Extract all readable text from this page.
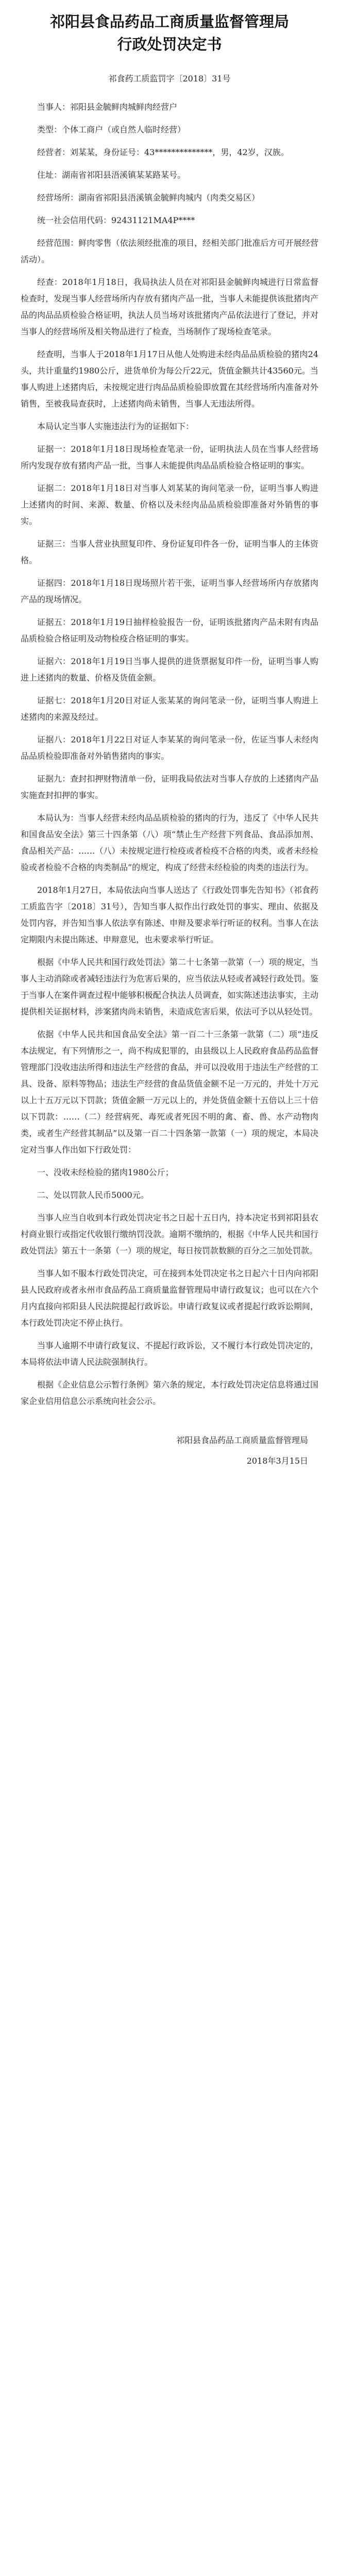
祁阳县食品药品工商质量监督管理局
行政处罚决定书
祁食药工质监罚字〔2018〕31号

当事人：祁阳县金毓鲜肉城鲜肉经营户

类型：个体工商户（或自然人临时经营）

经营者：刘某某，身份证号：43**************，男，42岁，汉族。

住址：湖南省祁阳县浯溪镇某某路某号。

经营场所：湖南省祁阳县浯溪镇金毓鲜肉城内（肉类交易区）

统一社会信用代码：92431121MA4P****

经营范围：鲜肉零售（依法须经批准的项目，经相关部门批准后方可开展经营活动）。

经查：2018年1月18日，我局执法人员在对祁阳县金毓鲜肉城进行日常监督检查时，发现当事人经营场所内存放有猪肉产品一批，当事人未能提供该批猪肉产品的肉品品质检验合格证明，执法人员当场对该批猪肉产品依法进行了登记，并对当事人的经营场所及相关物品进行了检查，当场制作了现场检查笔录。

经查明，当事人于2018年1月17日从他人处购进未经肉品品质检验的猪肉24头，共计重量约1980公斤，进货单价为每公斤22元，货值金额共计43560元。当事人购进上述猪肉后，未按规定进行肉品品质检验即放置在其经营场所内准备对外销售，至被我局查获时，上述猪肉尚未销售，当事人无违法所得。

本局认定当事人实施违法行为的证据如下：

证据一：2018年1月18日现场检查笔录一份，证明执法人员在当事人经营场所内发现存放有猪肉产品一批，当事人未能提供肉品品质检验合格证明的事实。

证据二：2018年1月18日对当事人刘某某的询问笔录一份，证明当事人购进上述猪肉的时间、来源、数量、价格以及未经肉品品质检验即准备对外销售的事实。

证据三：当事人营业执照复印件、身份证复印件各一份，证明当事人的主体资格。

证据四：2018年1月18日现场照片若干张，证明当事人经营场所内存放猪肉产品的现场情况。

证据五：2018年1月19日抽样检验报告一份，证明该批猪肉产品未附有肉品品质检验合格证明及动物检疫合格证明的事实。

证据六：2018年1月19日当事人提供的进货票据复印件一份，证明当事人购进上述猪肉的数量、价格及货值金额。

证据七：2018年1月20日对证人张某某的询问笔录一份，证明当事人购进上述猪肉的来源及经过。

证据八：2018年1月22日对证人李某某的询问笔录一份，佐证当事人未经肉品品质检验即准备对外销售猪肉的事实。

证据九：查封扣押财物清单一份，证明我局依法对当事人存放的上述猪肉产品实施查封扣押的事实。

本局认为：当事人经营未经肉品品质检验的猪肉的行为，违反了《中华人民共和国食品安全法》第三十四条第（八）项“禁止生产经营下列食品、食品添加剂、食品相关产品：……（八）未按规定进行检疫或者检疫不合格的肉类，或者未经检验或者检验不合格的肉类制品”的规定，构成了经营未经检验的肉类的违法行为。

2018年1月27日，本局依法向当事人送达了《行政处罚事先告知书》（祁食药工质监告字〔2018〕31号），告知当事人拟作出行政处罚的事实、理由、依据及处罚内容，并告知当事人依法享有陈述、申辩及要求举行听证的权利。当事人在法定期限内未提出陈述、申辩意见，也未要求举行听证。

根据《中华人民共和国行政处罚法》第二十七条第一款第（一）项的规定，当事人主动消除或者减轻违法行为危害后果的，应当依法从轻或者减轻行政处罚。鉴于当事人在案件调查过程中能够积极配合执法人员调查，如实陈述违法事实，主动提供相关证据材料，涉案猪肉尚未销售，未造成危害后果，依法可予以从轻处罚。

依据《中华人民共和国食品安全法》第一百二十三条第一款第（二）项“违反本法规定，有下列情形之一，尚不构成犯罪的，由县级以上人民政府食品药品监督管理部门没收违法所得和违法生产经营的食品，并可以没收用于违法生产经营的工具、设备、原料等物品；违法生产经营的食品货值金额不足一万元的，并处十万元以上十五万元以下罚款；货值金额一万元以上的，并处货值金额十五倍以上三十倍以下罚款：……（二）经营病死、毒死或者死因不明的禽、畜、兽、水产动物肉类，或者生产经营其制品”以及第一百二十四条第一款第（一）项的规定，本局决定对当事人作出如下行政处罚：

一、没收未经检验的猪肉1980公斤；

二、处以罚款人民币5000元。

当事人应当自收到本行政处罚决定书之日起十五日内，持本决定书到祁阳县农村商业银行或指定代收银行缴纳罚没款。逾期不缴纳的，根据《中华人民共和国行政处罚法》第五十一条第（一）项的规定，每日按罚款数额的百分之三加处罚款。

当事人如不服本行政处罚决定，可在接到本处罚决定书之日起六十日内向祁阳县人民政府或者永州市食品药品工商质量监督管理局申请行政复议；也可以在六个月内直接向祁阳县人民法院提起行政诉讼。申请行政复议或者提起行政诉讼期间，本行政处罚决定不停止执行。

当事人逾期不申请行政复议、不提起行政诉讼，又不履行本行政处罚决定的，本局将依法申请人民法院强制执行。

根据《企业信息公示暂行条例》第六条的规定，本行政处罚决定信息将通过国家企业信用信息公示系统向社会公示。

祁阳县食品药品工商质量监督管理局
2018年3月15日
